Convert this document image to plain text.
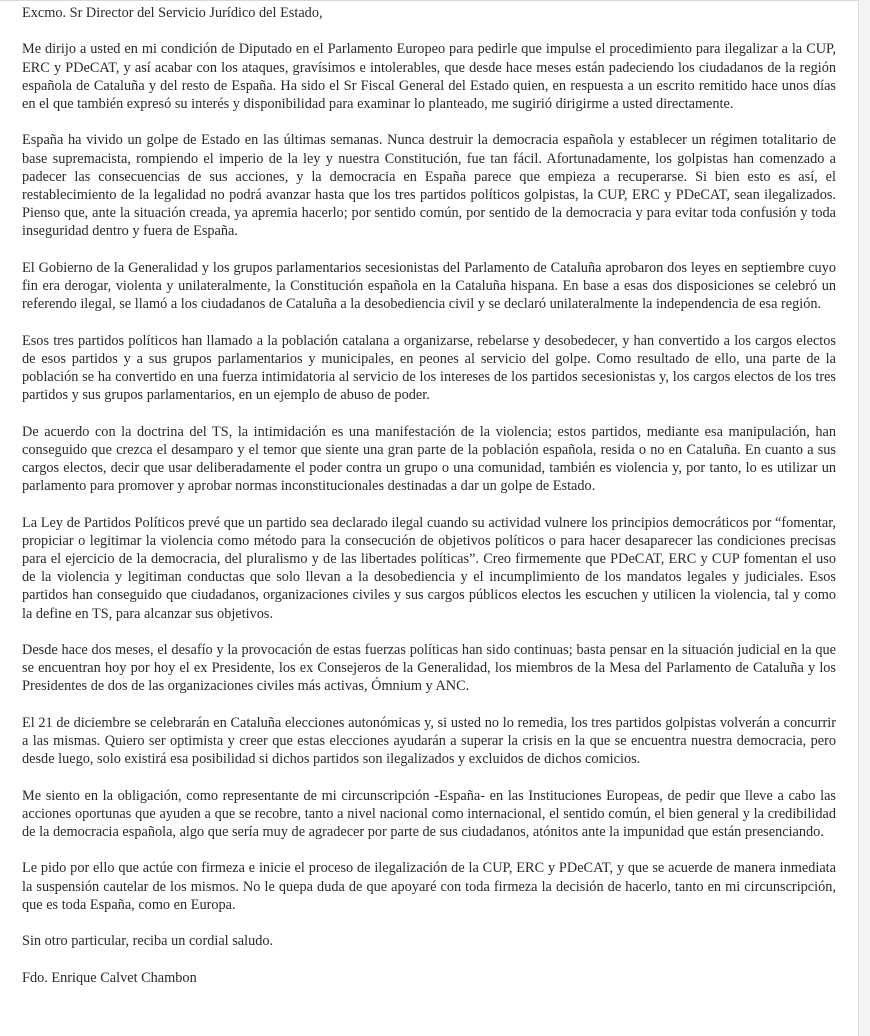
Excmo. Sr Director del Servicio Jurídico del Estado,

Me dirijo a usted en mi condición de Diputado en el Parlamento Europeo para pedirle que impulse el procedimiento para ilegalizar a la CUP, ERC y PDeCAT, y así acabar con los ataques, gravísimos e intolerables, que desde hace meses están padeciendo los ciudadanos de la región española de Cataluña y del resto de España. Ha sido el Sr Fiscal General del Estado quien, en respuesta a un escrito remitido hace unos días en el que también expresó su interés y disponibilidad para examinar lo planteado, me sugirió dirigirme a usted directamente.

España ha vivido un golpe de Estado en las últimas semanas. Nunca destruir la democracia española y establecer un régimen totalitario de base supremacista, rompiendo el imperio de la ley y nuestra Constitución, fue tan fácil. Afortunadamente, los golpistas han comenzado a padecer las consecuencias de sus acciones, y la democracia en España parece que empieza a recuperarse. Si bien esto es así, el restablecimiento de la legalidad no podrá avanzar hasta que los tres partidos políticos golpistas, la CUP, ERC y PDeCAT, sean ilegalizados. Pienso que, ante la situación creada, ya apremia hacerlo; por sentido común, por sentido de la democracia y para evitar toda confusión y toda inseguridad dentro y fuera de España.

El Gobierno de la Generalidad y los grupos parlamentarios secesionistas del Parlamento de Cataluña aprobaron dos leyes en septiembre cuyo fin era derogar, violenta y unilateralmente, la Constitución española en la Cataluña hispana. En base a esas dos disposiciones se celebró un referendo ilegal, se llamó a los ciudadanos de Cataluña a la desobediencia civil y se declaró unilateralmente la independencia de esa región.

Esos tres partidos políticos han llamado a la población catalana a organizarse, rebelarse y desobedecer, y han convertido a los cargos electos de esos partidos y a sus grupos parlamentarios y municipales, en peones al servicio del golpe. Como resultado de ello, una parte de la población se ha convertido en una fuerza intimidatoria al servicio de los intereses de los partidos secesionistas y, los cargos electos de los tres partidos y sus grupos parlamentarios, en un ejemplo de abuso de poder.

De acuerdo con la doctrina del TS, la intimidación es una manifestación de la violencia; estos partidos, mediante esa manipulación, han conseguido que crezca el desamparo y el temor que siente una gran parte de la población española, resida o no en Cataluña. En cuanto a sus cargos electos, decir que usar deliberadamente el poder contra un grupo o una comunidad, también es violencia y, por tanto, lo es utilizar un parlamento para promover y aprobar normas inconstitucionales destinadas a dar un golpe de Estado.

La Ley de Partidos Políticos prevé que un partido sea declarado ilegal cuando su actividad vulnere los principios democráticos por “fomentar, propiciar o legitimar la violencia como método para la consecución de objetivos políticos o para hacer desaparecer las condiciones precisas para el ejercicio de la democracia, del pluralismo y de las libertades políticas”. Creo firmemente que PDeCAT, ERC y CUP fomentan el uso de la violencia y legitiman conductas que solo llevan a la desobediencia y el incumplimiento de los mandatos legales y judiciales. Esos partidos han conseguido que ciudadanos, organizaciones civiles y sus cargos públicos electos les escuchen y utilicen la violencia, tal y como la define en TS, para alcanzar sus objetivos.

Desde hace dos meses, el desafío y la provocación de estas fuerzas políticas han sido continuas; basta pensar en la situación judicial en la que se encuentran hoy por hoy el ex Presidente, los ex Consejeros de la Generalidad, los miembros de la Mesa del Parlamento de Cataluña y los Presidentes de dos de las organizaciones civiles más activas, Ómnium y ANC.

El 21 de diciembre se celebrarán en Cataluña elecciones autonómicas y, si usted no lo remedia, los tres partidos golpistas volverán a concurrir a las mismas. Quiero ser optimista y creer que estas elecciones ayudarán a superar la crisis en la que se encuentra nuestra democracia, pero desde luego, solo existirá esa posibilidad si dichos partidos son ilegalizados y excluidos de dichos comicios.

Me siento en la obligación, como representante de mi circunscripción -España- en las Instituciones Europeas, de pedir que lleve a cabo las acciones oportunas que ayuden a que se recobre, tanto a nivel nacional como internacional, el sentido común, el bien general y la credibilidad de la democracia española, algo que sería muy de agradecer por parte de sus ciudadanos, atónitos ante la impunidad que están presenciando.

Le pido por ello que actúe con firmeza e inicie el proceso de ilegalización de la CUP, ERC y PDeCAT, y que se acuerde de manera inmediata la suspensión cautelar de los mismos. No le quepa duda de que apoyaré con toda firmeza la decisión de hacerlo, tanto en mi circunscripción, que es toda España, como en Europa.

Sin otro particular, reciba un cordial saludo.

Fdo. Enrique Calvet Chambon
